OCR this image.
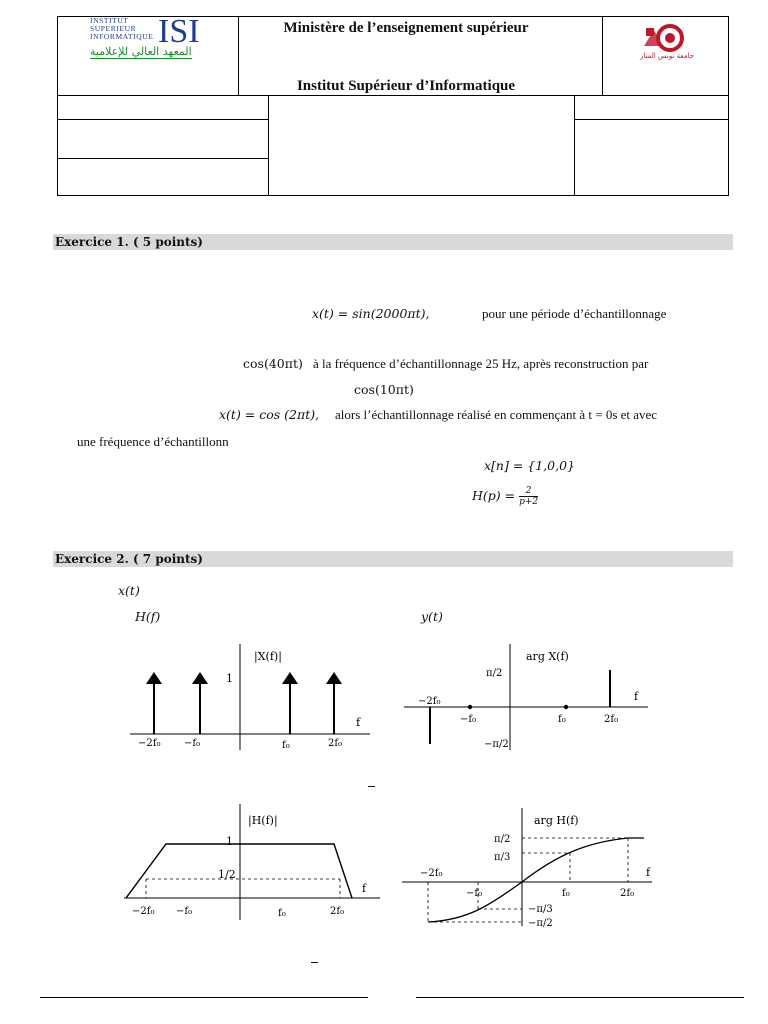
INSTITUT
SUPERIEUR
INFORMATIQUE ISI
المعهد العالي للإعلامية
Ministère de l’enseignement supérieur
Institut Supérieur d’Informatique
جامعة تونس المنار
Exercice 1. ( 5 points)
x(t) = sin(2000πt),	pour une période d’échantillonnage
cos(40πt) à la fréquence d’échantillonnage 25 Hz, après reconstruction par
cos(10πt)
x(t) = cos (2πt), alors l’échantillonnage réalisé en commençant à t = 0s et avec
une fréquence d’échantillonn
x[n] = {1,0,0}
$H(p) = \frac{2}{p+2}$
Exercice 2. ( 7 points)
x(t)
H(f)	y(t)
|X(f)|
1
f
−2f₀ −f₀	f₀	2f₀
arg X(f)
π/2
−π/2
f
−2f₀
−f₀	f₀	2f₀
|H(f)|
1
1/2
f
−2f₀ −f₀	f₀	2f₀
arg H(f)
π/2
π/3
−π/3
−π/2
f
−2f₀
−f₀	f₀	2f₀
